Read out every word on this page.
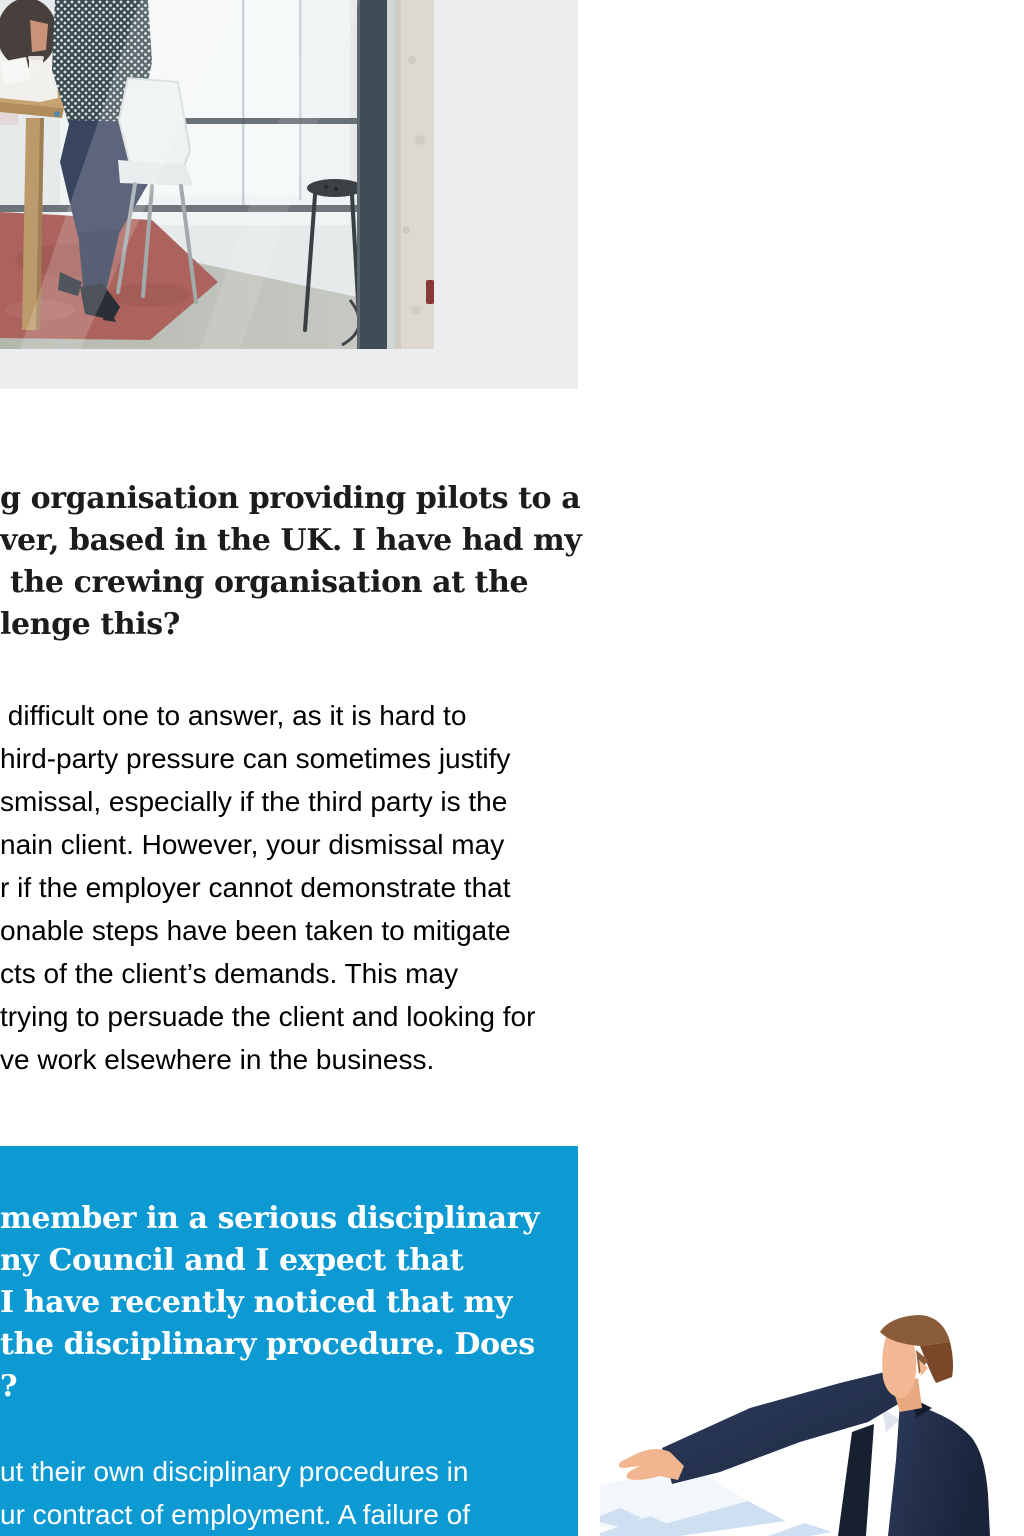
g organisation providing pilots to a
ver, based in the UK. I have had my
the crewing organisation at the
lenge this?
difficult one to answer, as it is hard to
hird-party pressure can sometimes justify
smissal, especially if the third party is the
nain client. However, your dismissal may
r if the employer cannot demonstrate that
onable steps have been taken to mitigate
cts of the client’s demands. This may
trying to persuade the client and looking for
ve work elsewhere in the business.
member in a serious disciplinary
ny Council and I expect that
I have recently noticed that my
the disciplinary procedure. Does
?
ut their own disciplinary procedures in
ur contract of employment. A failure of
